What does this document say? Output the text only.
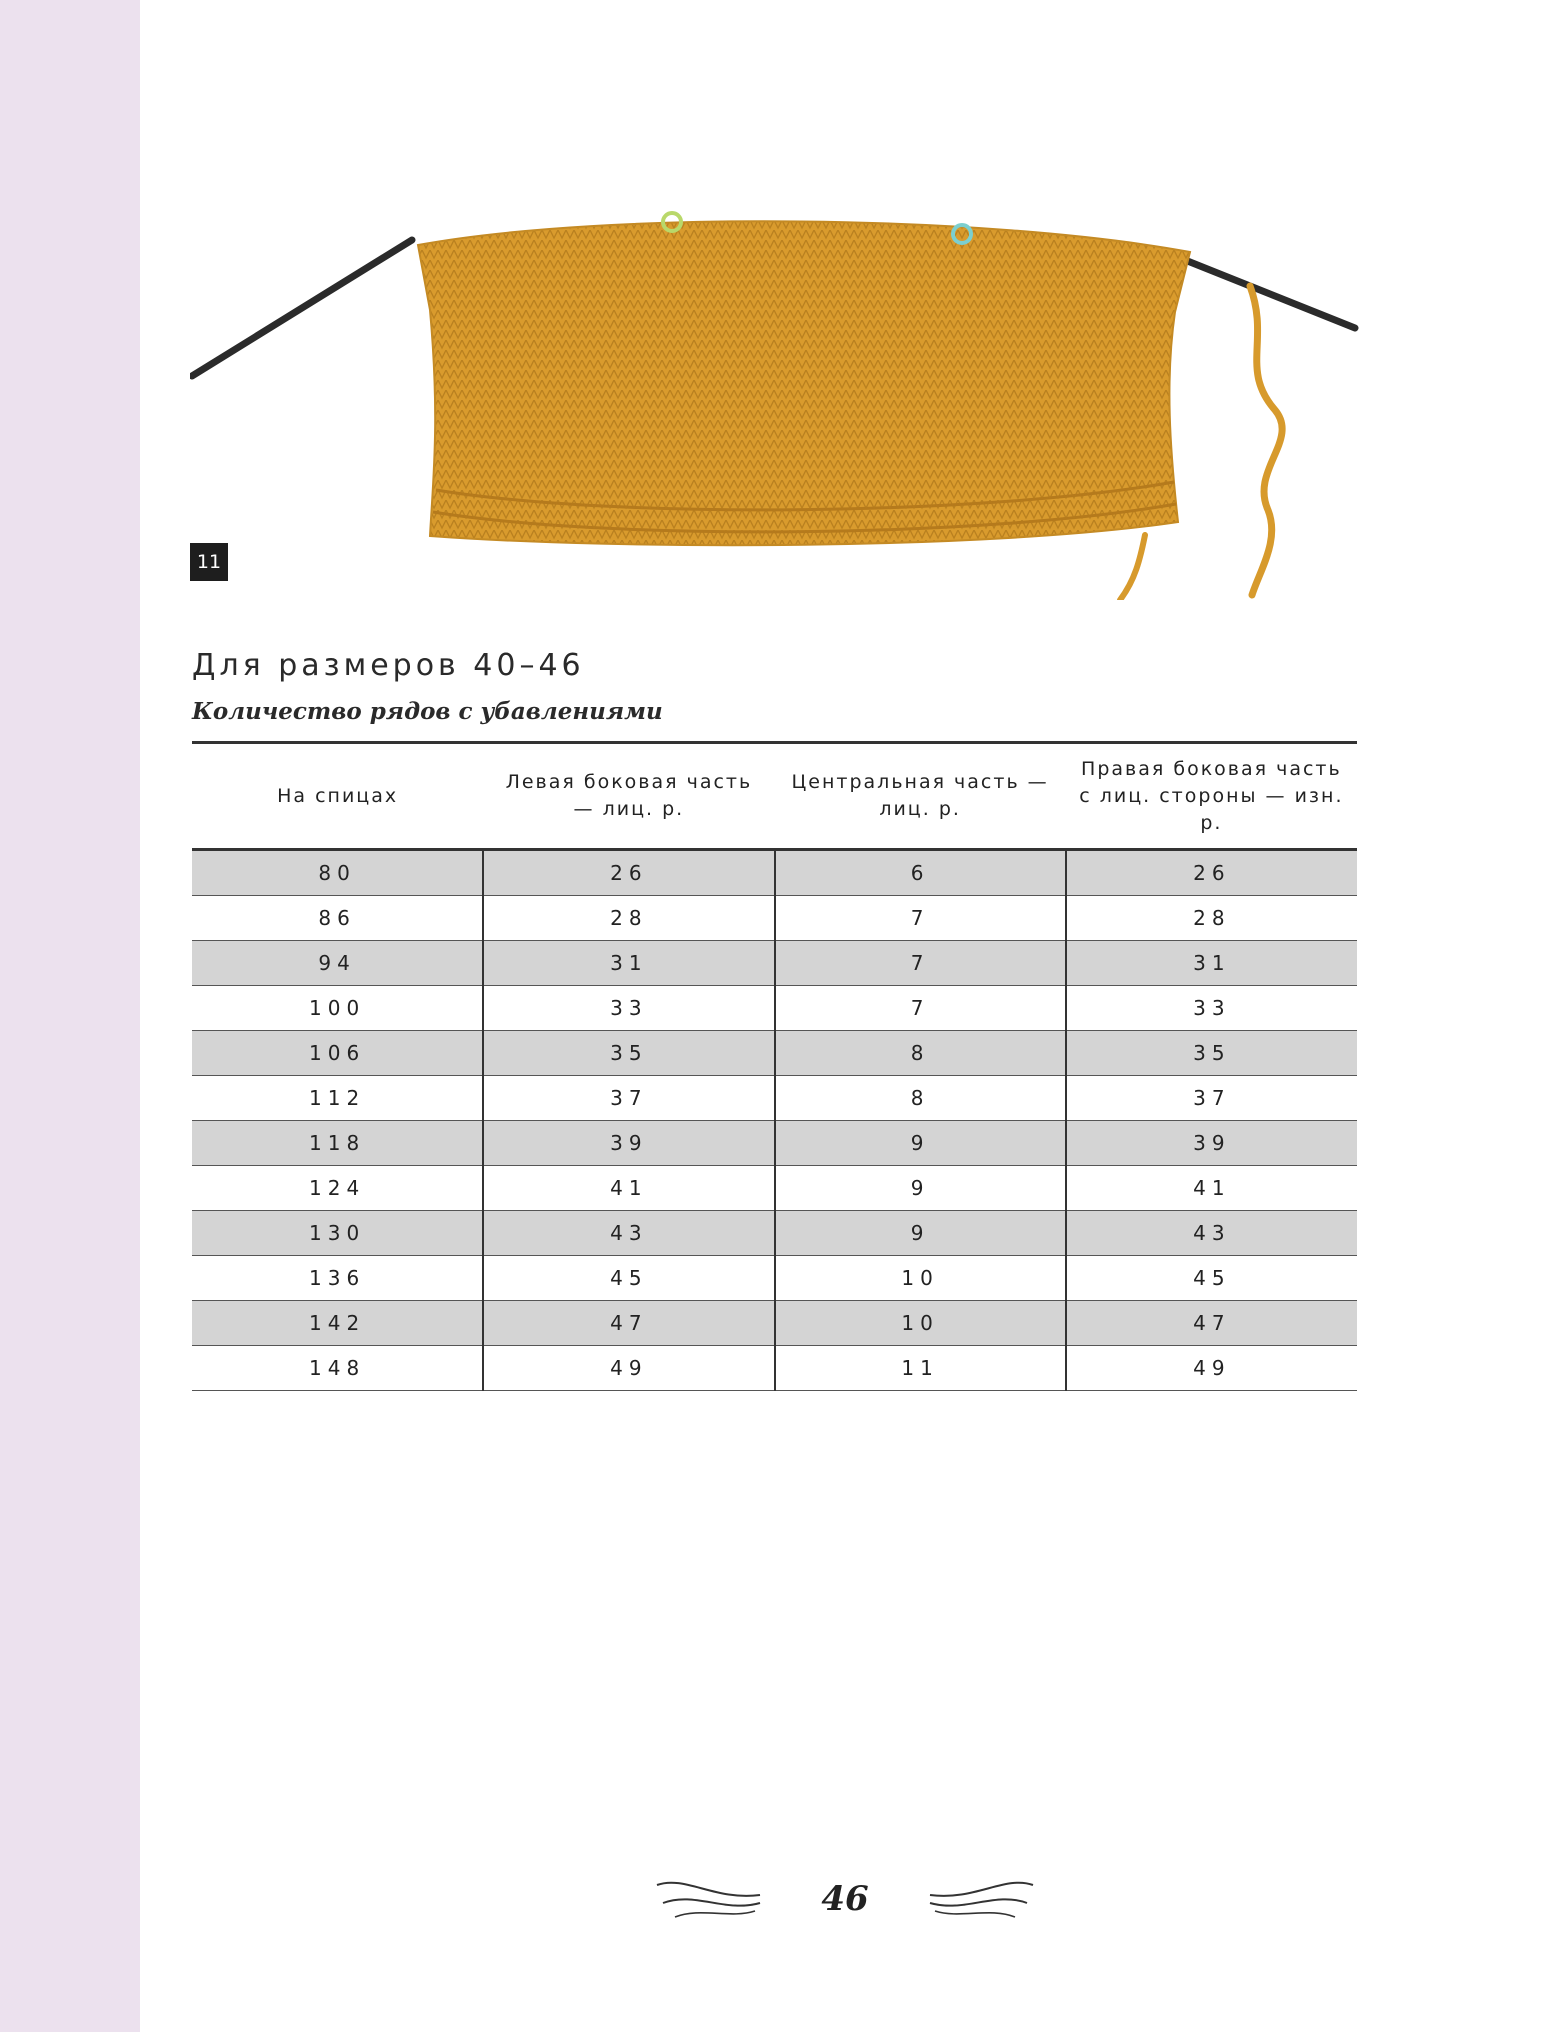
11
Для размеров 40–46
Количество рядов с убавлениями
На спицах	Левая боковая часть — лиц. р.	Центральная часть — лиц. р.	Правая боковая часть с лиц. стороны — изн. р.
80	26	6	26
86	28	7	28
94	31	7	31
100	33	7	33
106	35	8	35
112	37	8	37
118	39	9	39
124	41	9	41
130	43	9	43
136	45	10	45
142	47	10	47
148	49	11	49
46
